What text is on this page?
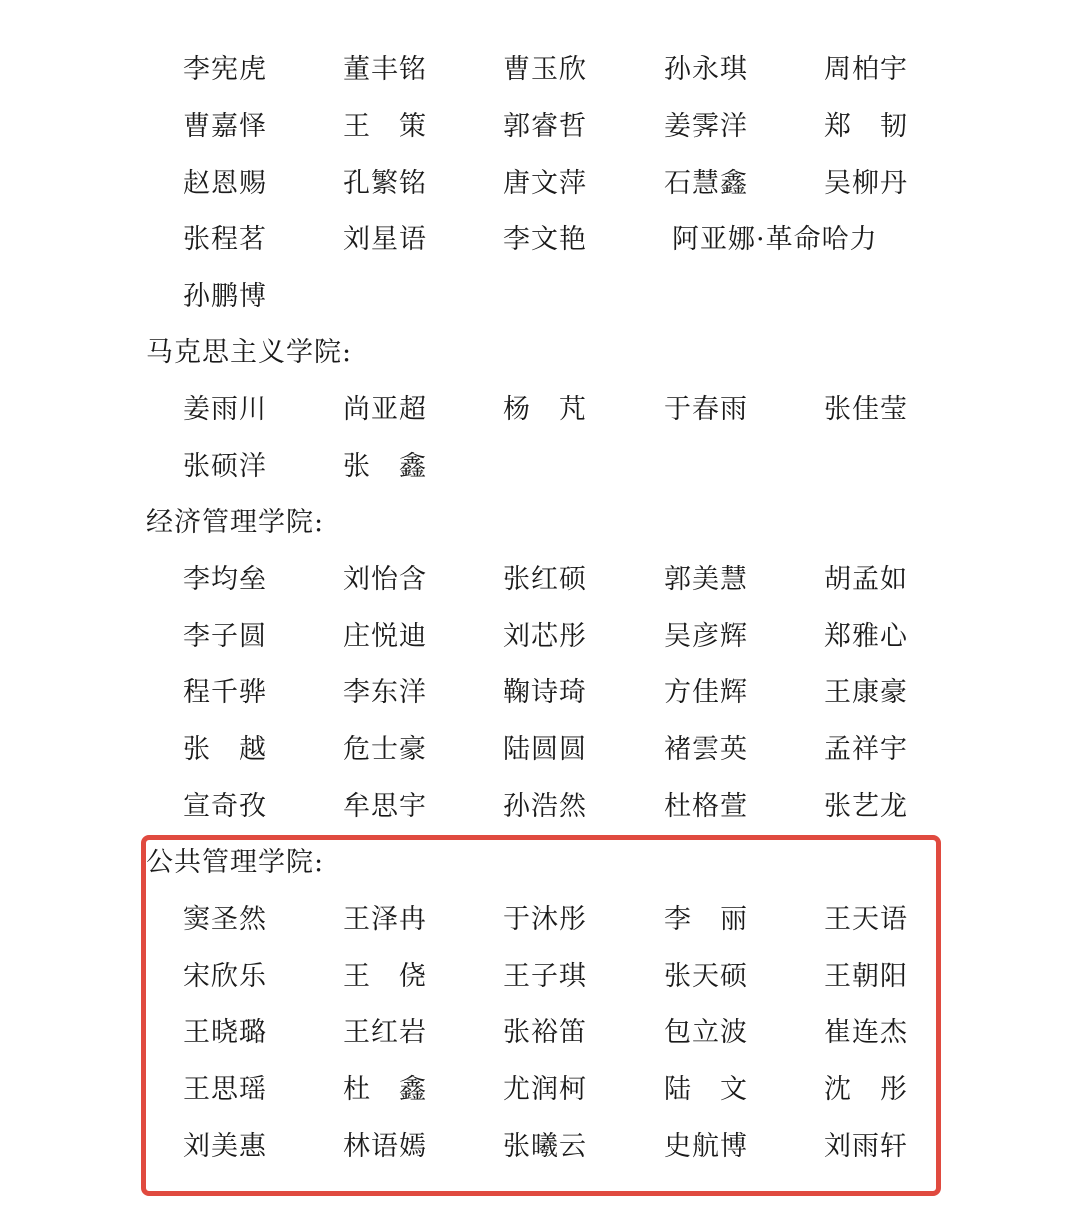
李宪虎	董丰铭	曹玉欣	孙永琪	周柏宇
曹嘉怿	王　策	郭睿哲	姜霁洋	郑　韧
赵恩赐	孔繁铭	唐文萍	石慧鑫	吴柳丹
张程茗	刘星语	李文艳	阿亚娜·革命哈力
孙鹏博
马克思主义学院:
姜雨川	尚亚超	杨　芃	于春雨	张佳莹
张硕洋	张　鑫
经济管理学院:
李均垒	刘怡含	张红硕	郭美慧	胡孟如
李子圆	庄悦迪	刘芯彤	吴彦辉	郑雅心
程千骅	李东洋	鞠诗琦	方佳辉	王康豪
张　越	危士豪	陆圆圆	褚雲英	孟祥宇
宣奇孜	牟思宇	孙浩然	杜格萱	张艺龙
公共管理学院:
窦圣然	王泽冉	于沐彤	李　丽	王天语
宋欣乐	王　侥	王子琪	张天硕	王朝阳
王晓璐	王红岩	张裕笛	包立波	崔连杰
王思瑶	杜　鑫	尤润柯	陆　文	沈　彤
刘美惠	林语嫣	张曦云	史航博	刘雨轩
